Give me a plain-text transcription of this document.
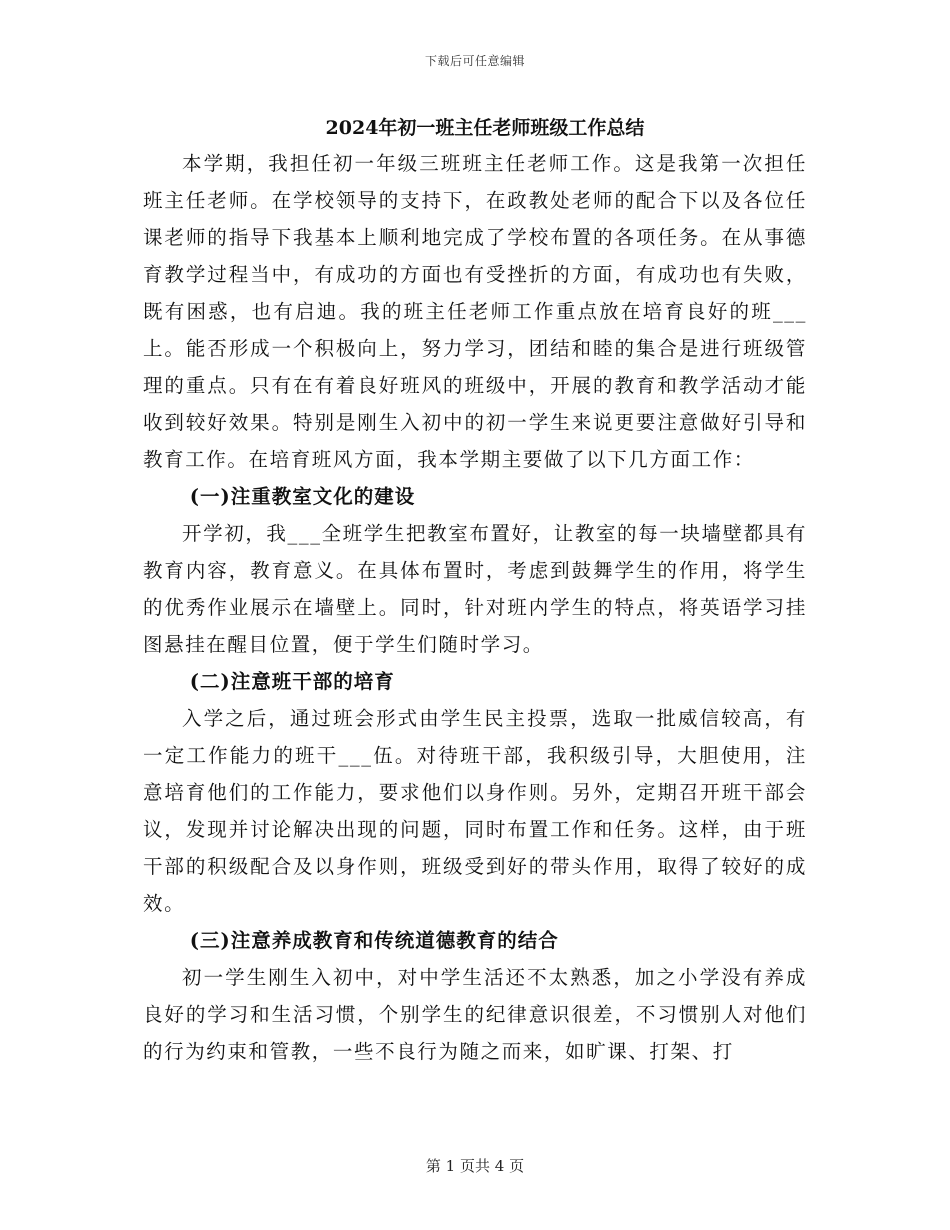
下载后可任意编辑
2024年初一班主任老师班级工作总结

本学期，我担任初一年级三班班主任老师工作。这是我第一次担任班主任老师。在学校领导的支持下，在政教处老师的配合下以及各位任课老师的指导下我基本上顺利地完成了学校布置的各项任务。在从事德育教学过程当中，有成功的方面也有受挫折的方面，有成功也有失败，既有困惑，也有启迪。我的班主任老师工作重点放在培育良好的班___上。能否形成一个积极向上，努力学习，团结和睦的集合是进行班级管理的重点。只有在有着良好班风的班级中，开展的教育和教学活动才能收到较好效果。特别是刚生入初中的初一学生来说更要注意做好引导和教育工作。在培育班风方面，我本学期主要做了以下几方面工作：

(一)注重教室文化的建设

开学初，我___全班学生把教室布置好，让教室的每一块墙壁都具有教育内容，教育意义。在具体布置时，考虑到鼓舞学生的作用，将学生的优秀作业展示在墙壁上。同时，针对班内学生的特点，将英语学习挂图悬挂在醒目位置，便于学生们随时学习。

(二)注意班干部的培育

入学之后，通过班会形式由学生民主投票，选取一批威信较高，有一定工作能力的班干___伍。对待班干部，我积级引导，大胆使用，注意培育他们的工作能力，要求他们以身作则。另外，定期召开班干部会议，发现并讨论解决出现的问题，同时布置工作和任务。这样，由于班干部的积级配合及以身作则，班级受到好的带头作用，取得了较好的成效。

(三)注意养成教育和传统道德教育的结合

初一学生刚生入初中，对中学生活还不太熟悉，加之小学没有养成良好的学习和生活习惯，个别学生的纪律意识很差，不习惯别人对他们的行为约束和管教，一些不良行为随之而来，如旷课、打架、打

第 1 页共 4 页
